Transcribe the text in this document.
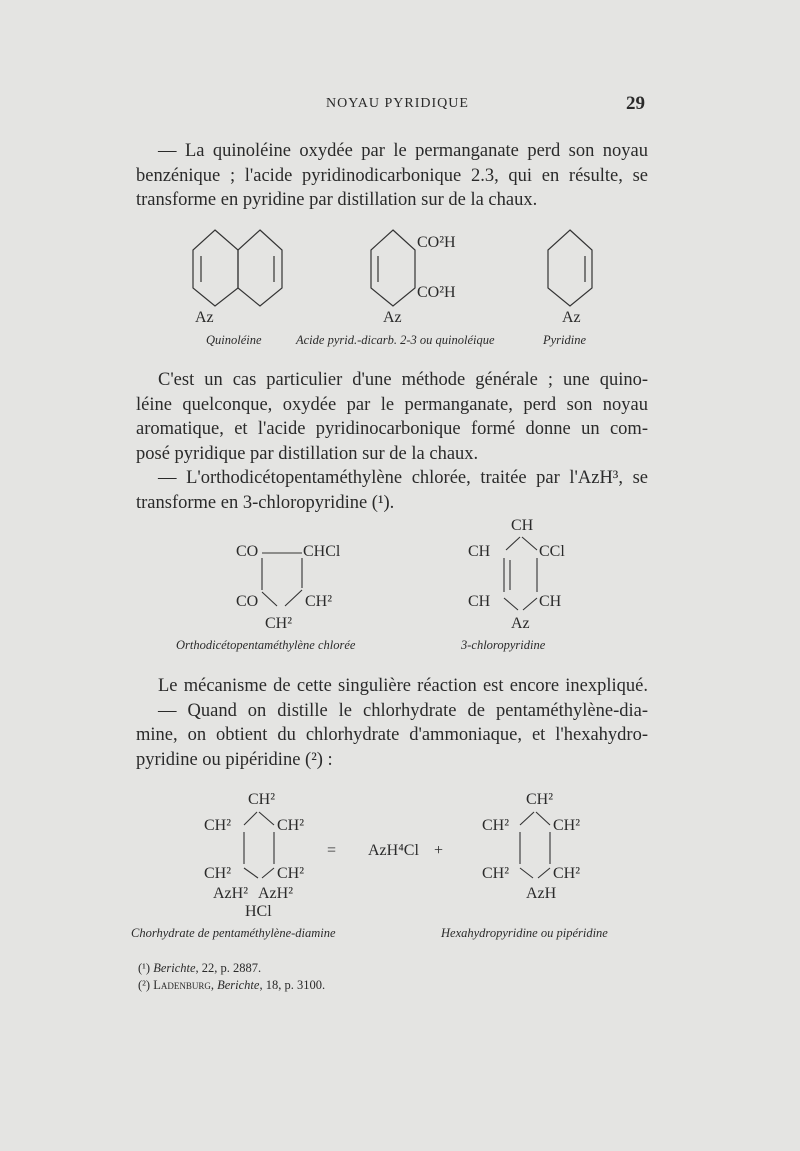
NOYAU PYRIDIQUE	29
— La quinoléine oxydée par le permanganate perd son noyau
benzénique ; l'acide pyridinodicarbonique 2.3, qui en résulte, se
transforme en pyridine par distillation sur de la chaux.
Az
Quinoléine
CO²H
CO²H
Az
Acide pyrid.-dicarb. 2-3 ou quinoléique
Az
Pyridine
C'est un cas particulier d'une méthode générale ; une quino-
léine quelconque, oxydée par le permanganate, perd son noyau
aromatique, et l'acide pyridinocarbonique formé donne un com-
posé pyridique par distillation sur de la chaux.
— L'orthodicétopentaméthylène chlorée, traitée par l'AzH³, se
transforme en 3-chloropyridine (¹).
CO	CHCl
CO	CH²
CH²
Orthodicétopentaméthylène chlorée
CH
CH	CCl
CH	CH
Az
3-chloropyridine
Le mécanisme de cette singulière réaction est encore inexpliqué.
— Quand on distille le chlorhydrate de pentaméthylène-dia-
mine, on obtient du chlorhydrate d'ammoniaque, et l'hexahydro-
pyridine ou pipéridine (²) :
CH²
CH²	CH²
CH²	CH²
AzH² AzH²
HCl
Chorhydrate de pentaméthylène-diamine
= AzH⁴Cl +
CH²
CH²	CH²
CH²	CH²
AzH
Hexahydropyridine ou pipéridine
(¹) Berichte, 22, p. 2887.
(²) Ladenburg, Berichte, 18, p. 3100.
